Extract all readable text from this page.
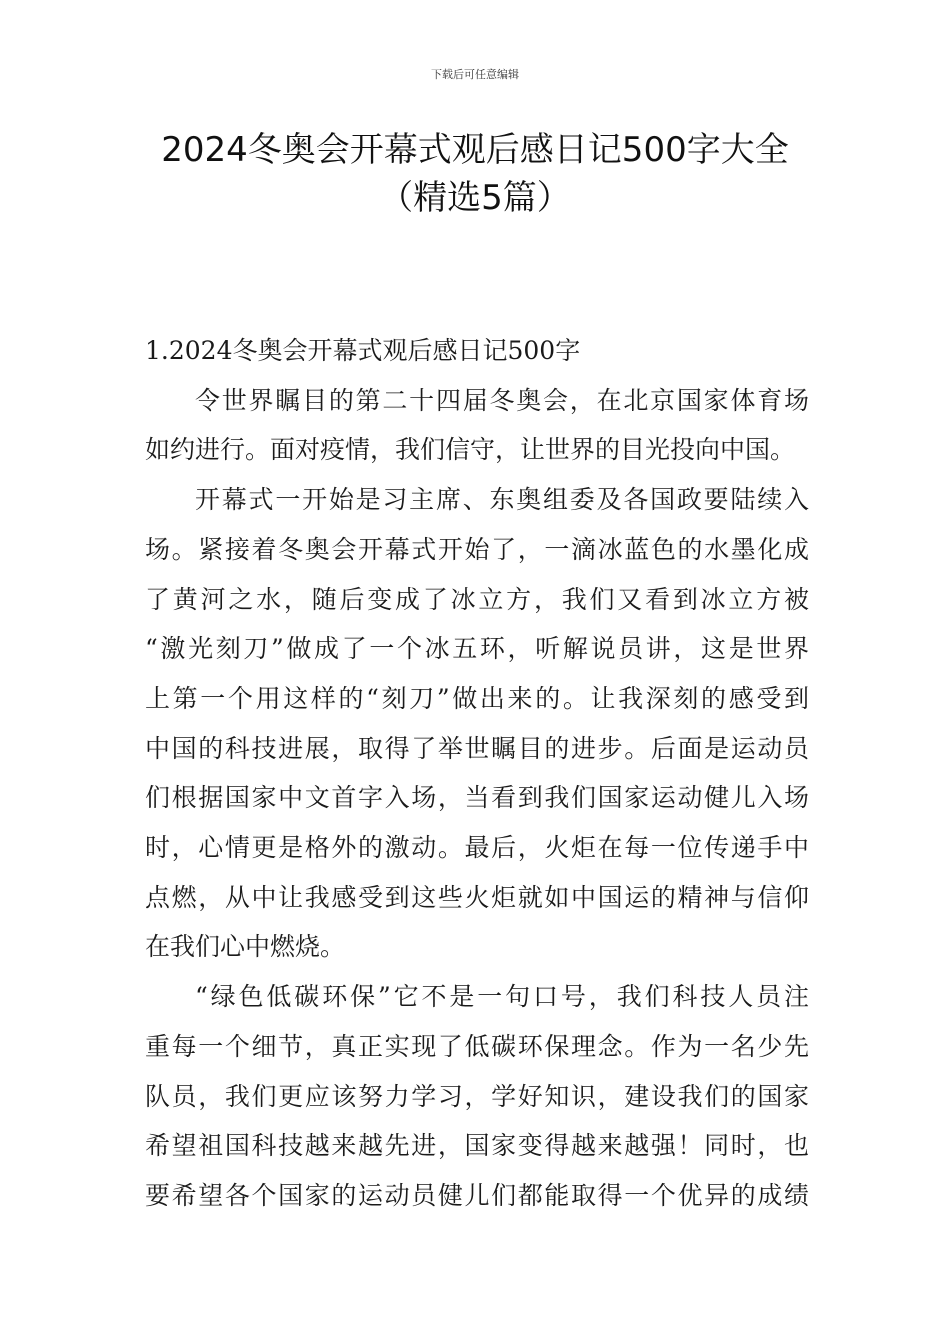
下载后可任意编辑
2024冬奥会开幕式观后感日记500字大全
（精选5篇）

1.2024冬奥会开幕式观后感日记500字

令世界瞩目的第二十四届冬奥会，在北京国家体育场
如约进行。面对疫情，我们信守，让世界的目光投向中国。

开幕式一开始是习主席、东奥组委及各国政要陆续入
场。紧接着冬奥会开幕式开始了，一滴冰蓝色的水墨化成
了黄河之水，随后变成了冰立方，我们又看到冰立方被
“激光刻刀”做成了一个冰五环，听解说员讲，这是世界
上第一个用这样的“刻刀”做出来的。让我深刻的感受到
中国的科技进展，取得了举世瞩目的进步。后面是运动员
们根据国家中文首字入场，当看到我们国家运动健儿入场
时，心情更是格外的激动。最后，火炬在每一位传递手中
点燃，从中让我感受到这些火炬就如中国运的精神与信仰
在我们心中燃烧。

“绿色低碳环保”它不是一句口号，我们科技人员注
重每一个细节，真正实现了低碳环保理念。作为一名少先
队员，我们更应该努力学习，学好知识，建设我们的国家
希望祖国科技越来越先进，国家变得越来越强！同时，也
要希望各个国家的运动员健儿们都能取得一个优异的成绩
